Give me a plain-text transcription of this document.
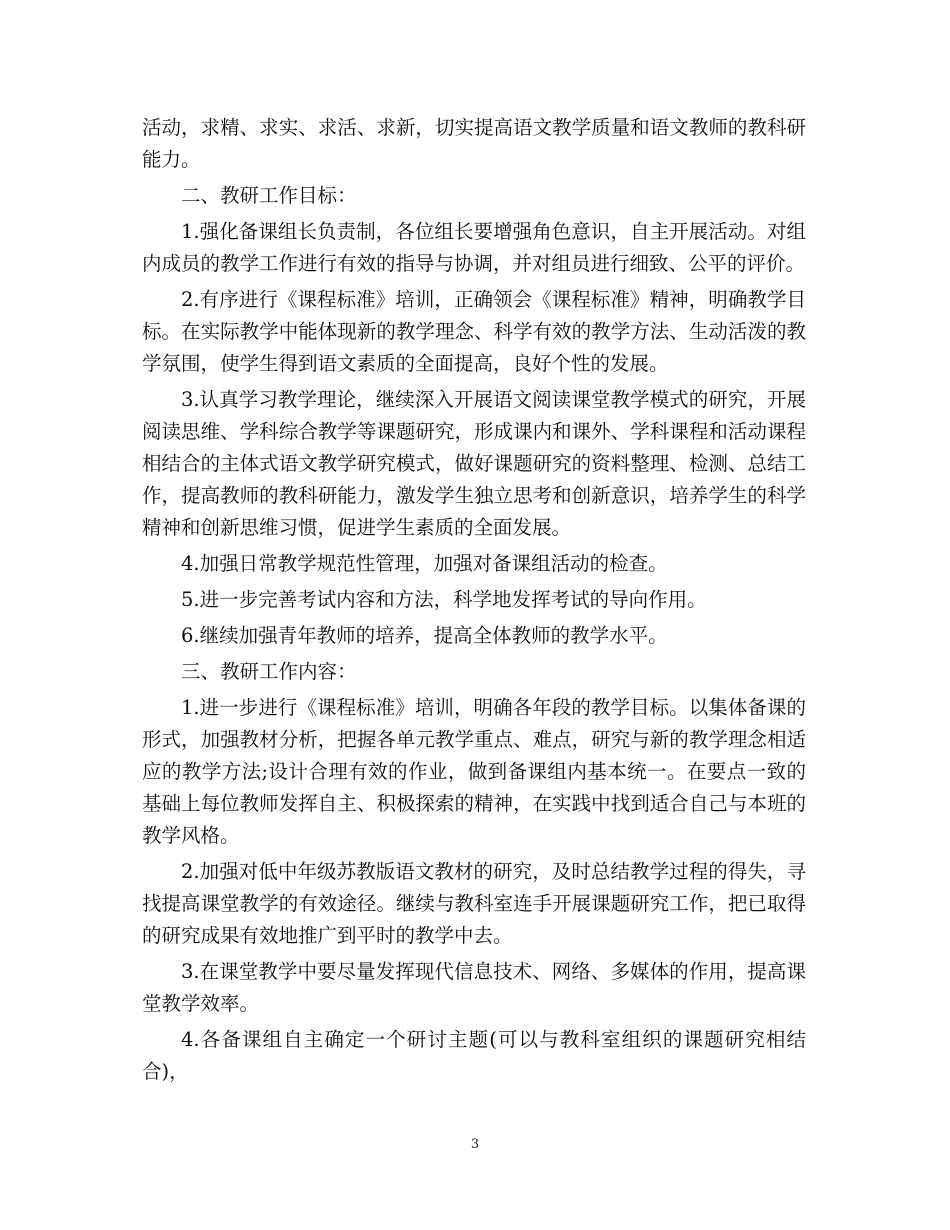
活动，求精、求实、求活、求新，切实提高语文教学质量和语文教师的教科研能力。

二、教研工作目标：

1.强化备课组长负责制，各位组长要增强角色意识，自主开展活动。对组内成员的教学工作进行有效的指导与协调，并对组员进行细致、公平的评价。

2.有序进行《课程标准》培训，正确领会《课程标准》精神，明确教学目标。在实际教学中能体现新的教学理念、科学有效的教学方法、生动活泼的教学氛围，使学生得到语文素质的全面提高，良好个性的发展。

3.认真学习教学理论，继续深入开展语文阅读课堂教学模式的研究，开展阅读思维、学科综合教学等课题研究，形成课内和课外、学科课程和活动课程相结合的主体式语文教学研究模式，做好课题研究的资料整理、检测、总结工作，提高教师的教科研能力，激发学生独立思考和创新意识，培养学生的科学精神和创新思维习惯，促进学生素质的全面发展。

4.加强日常教学规范性管理，加强对备课组活动的检查。

5.进一步完善考试内容和方法，科学地发挥考试的导向作用。

6.继续加强青年教师的培养，提高全体教师的教学水平。

三、教研工作内容：

1.进一步进行《课程标准》培训，明确各年段的教学目标。以集体备课的形式，加强教材分析，把握各单元教学重点、难点，研究与新的教学理念相适应的教学方法;设计合理有效的作业，做到备课组内基本统一。在要点一致的基础上每位教师发挥自主、积极探索的精神，在实践中找到适合自己与本班的教学风格。

2.加强对低中年级苏教版语文教材的研究，及时总结教学过程的得失，寻找提高课堂教学的有效途径。继续与教科室连手开展课题研究工作，把已取得的研究成果有效地推广到平时的教学中去。

3.在课堂教学中要尽量发挥现代信息技术、网络、多媒体的作用，提高课堂教学效率。

4.各备课组自主确定一个研讨主题(可以与教科室组织的课题研究相结合)，

3
